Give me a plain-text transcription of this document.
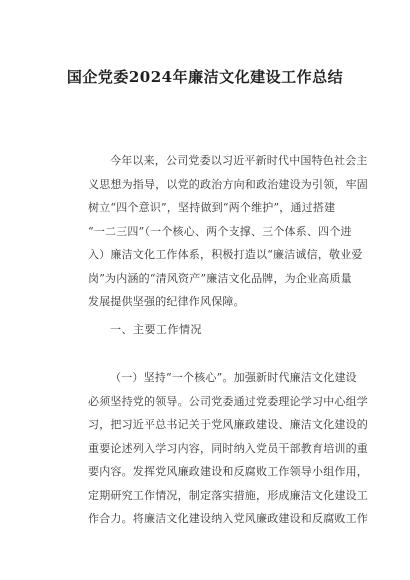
国企党委2024年廉洁文化建设工作总结
今年以来，公司党委以习近平新时代中国特色社会主
义思想为指导，以党的政治方向和政治建设为引领，牢固
树立“四个意识”，坚持做到“两个维护”，通过搭建
“一二三四”（一个核心、两个支撑、三个体系、四个进
入）廉洁文化工作体系，积极打造以“廉洁诚信，敬业爱
岗”为内涵的“清风资产”廉洁文化品牌，为企业高质量
发展提供坚强的纪律作风保障。
一、主要工作情况
（一）坚持“一个核心”。加强新时代廉洁文化建设
必须坚持党的领导。公司党委通过党委理论学习中心组学
习，把习近平总书记关于党风廉政建设、廉洁文化建设的
重要论述列入学习内容，同时纳入党员干部教育培训的重
要内容。发挥党风廉政建设和反腐败工作领导小组作用，
定期研究工作情况，制定落实措施，形成廉洁文化建设工
作合力。将廉洁文化建设纳入党风廉政建设和反腐败工作
